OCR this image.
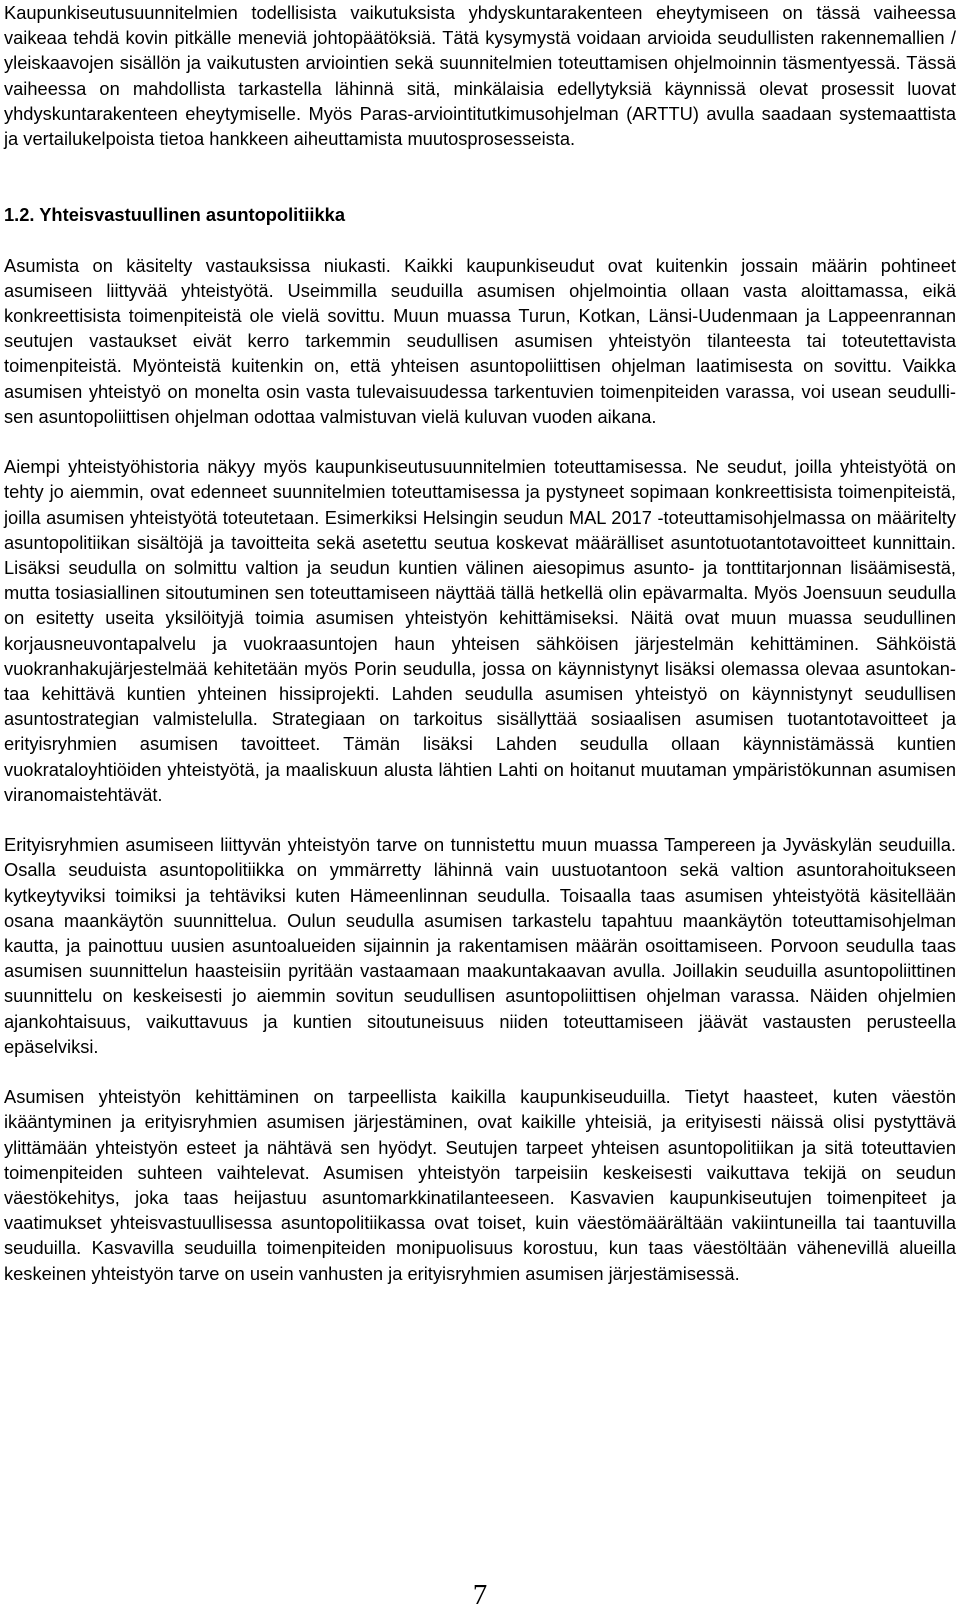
Kaupunkiseutusuunnitelmien todellisista vaikutuksista yhdyskuntarakenteen eheytymiseen on tässä vaiheessa vaikeaa tehdä kovin pitkälle meneviä johtopäätöksiä. Tätä kysymystä voidaan arvioida seudullisten rakennemallien / yleiskaavojen sisällön ja vaikutusten arviointien sekä suunnitelmien toteuttamisen ohjelmoinnin täsmentyessä. Tässä vaiheessa on mahdollista tarkastella lähinnä sitä, minkälaisia edellytyksiä käynnissä olevat prosessit luovat yhdyskuntarakenteen eheytymiselle. Myös Paras-arviointitutkimusohjelman (ARTTU) avulla saadaan systemaattista ja vertailukelpoista tietoa hankkeen aiheuttamista muutosprosesseista.

1.2. Yhteisvastuullinen asuntopolitiikka

Asumista on käsitelty vastauksissa niukasti. Kaikki kaupunkiseudut ovat kuitenkin jossain määrin pohtineet asumiseen liittyvää yhteistyötä. Useimmilla seuduilla asumisen ohjelmointia ollaan vasta aloittamassa, eikä konkreettisista toimenpiteistä ole vielä sovittu. Muun muassa Turun, Kotkan, Länsi-Uudenmaan ja Lappeenrannan seutujen vastaukset eivät kerro tarkemmin seudullisen asumisen yhteistyön tilanteesta tai toteutettavista toimenpiteistä. Myönteistä kuitenkin on, että yhteisen asuntopoliittisen ohjelman laatimisesta on sovittu. Vaikka asumisen yhteistyö on monelta osin vasta tulevaisuudessa tarkentuvien toimenpiteiden varassa, voi usean seudullisen asuntopoliittisen ohjelman odottaa valmistuvan vielä kuluvan vuoden aikana.

Aiempi yhteistyöhistoria näkyy myös kaupunkiseutusuunnitelmien toteuttamisessa. Ne seudut, joilla yhteistyötä on tehty jo aiemmin, ovat edenneet suunnitelmien toteuttamisessa ja pystyneet sopimaan konkreettisista toimenpiteistä, joilla asumisen yhteistyötä toteutetaan. Esimerkiksi Helsingin seudun MAL 2017 -toteuttamisohjelmassa on määritelty asuntopolitiikan sisältöjä ja tavoitteita sekä asetettu seutua koskevat määrälliset asuntotuotantotavoitteet kunnittain. Lisäksi seudulla on solmittu valtion ja seudun kuntien välinen aiesopimus asunto- ja tonttitarjonnan lisäämisestä, mutta tosiasiallinen sitoutuminen sen toteuttamiseen näyttää tällä hetkellä olin epävarmalta. Myös Joensuun seudulla on esitetty useita yksilöityjä toimia asumisen yhteistyön kehittämiseksi. Näitä ovat muun muassa seudullinen korjausneuvontapalvelu ja vuokraasuntojen haun yhteisen sähköisen järjestelmän kehittäminen. Sähköistä vuokranhakujärjestelmää kehitetään myös Porin seudulla, jossa on käynnistynyt lisäksi olemassa olevaa asuntokantaa kehittävä kuntien yhteinen hissiprojekti. Lahden seudulla asumisen yhteistyö on käynnistynyt seudullisen asuntostrategian valmistelulla. Strategiaan on tarkoitus sisällyttää sosiaalisen asumisen tuotantotavoitteet ja erityisryhmien asumisen tavoitteet. Tämän lisäksi Lahden seudulla ollaan käynnistämässä kuntien vuokrataloyhtiöiden yhteistyötä, ja maaliskuun alusta lähtien Lahti on hoitanut muutaman ympäristökunnan asumisen viranomaistehtävät.

Erityisryhmien asumiseen liittyvän yhteistyön tarve on tunnistettu muun muassa Tampereen ja Jyväskylän seuduilla. Osalla seuduista asuntopolitiikka on ymmärretty lähinnä vain uustuotantoon sekä valtion asuntorahoitukseen kytkeytyviksi toimiksi ja tehtäviksi kuten Hämeenlinnan seudulla. Toisaalla taas asumisen yhteistyötä käsitellään osana maankäytön suunnittelua. Oulun seudulla asumisen tarkastelu tapahtuu maankäytön toteuttamisohjelman kautta, ja painottuu uusien asuntoalueiden sijainnin ja rakentamisen määrän osoittamiseen. Porvoon seudulla taas asumisen suunnittelun haasteisiin pyritään vastaamaan maakuntakaavan avulla. Joillakin seuduilla asuntopoliittinen suunnittelu on keskeisesti jo aiemmin sovitun seudullisen asuntopoliittisen ohjelman varassa. Näiden ohjelmien ajankohtaisuus, vaikuttavuus ja kuntien sitoutuneisuus niiden toteuttamiseen jäävät vastausten perusteella epäselviksi.

Asumisen yhteistyön kehittäminen on tarpeellista kaikilla kaupunkiseuduilla. Tietyt haasteet, kuten väestön ikääntyminen ja erityisryhmien asumisen järjestäminen, ovat kaikille yhteisiä, ja erityisesti näissä olisi pystyttävä ylittämään yhteistyön esteet ja nähtävä sen hyödyt. Seutujen tarpeet yhteisen asuntopolitiikan ja sitä toteuttavien toimenpiteiden suhteen vaihtelevat. Asumisen yhteistyön tarpeisiin keskeisesti vaikuttava tekijä on seudun väestökehitys, joka taas heijastuu asuntomarkkinatilanteeseen. Kasvavien kaupunkiseutujen toimenpiteet ja vaatimukset yhteisvastuullisessa asuntopolitiikassa ovat toiset, kuin väestömäärältään vakiintuneilla tai taantuvilla seuduilla. Kasvavilla seuduilla toimenpiteiden monipuolisuus korostuu, kun taas väestöltään vähenevillä alueilla keskeinen yhteistyön tarve on usein vanhusten ja erityisryhmien asumisen järjestämisessä.

7
